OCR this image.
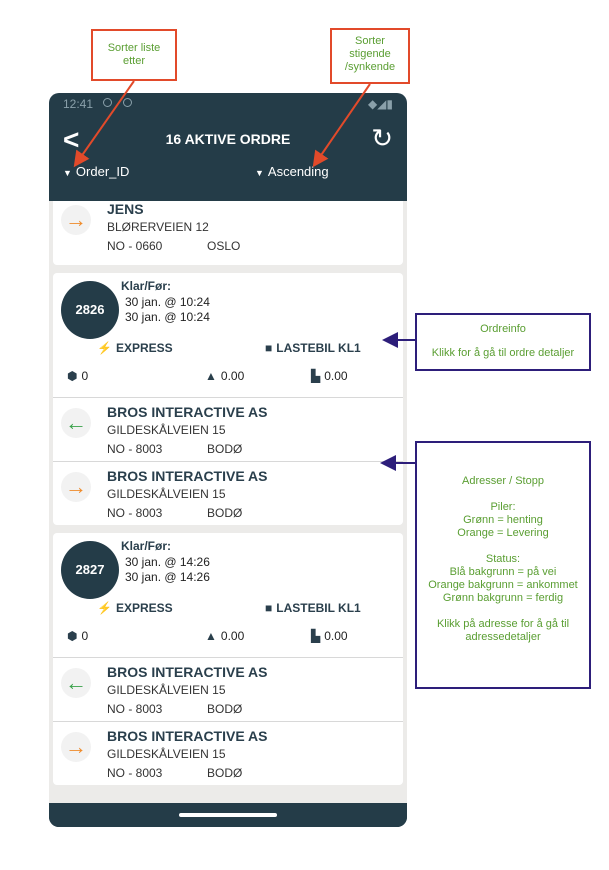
Sorter liste
etter
Sorter
stigende
/synkende
Ordreinfo
Klikk for å gå til ordre detaljer
Adresser / Stopp
Piler:
Grønn = henting
Orange = Levering
Status:
Blå bakgrunn = på vei
Orange bakgrunn = ankommet
Grønn bakgrunn = ferdig
Klikk på adresse for å gå til
adressedetaljer
12:41	◆◢▮
<	16 AKTIVE ORDRE	↻
▼ Order_ID	▼ Ascending
→ JENS
BLØRERVEIEN 12
NO - 0660	OSLO
2826
Klar/Før:
30 jan. @ 10:24
30 jan. @ 10:24
⚡ EXPRESS	■ LASTEBIL KL1
⬢ 0	▲ 0.00	▙ 0.00
← BROS INTERACTIVE AS
GILDESKÅLVEIEN 15
NO - 8003	BODØ
→ BROS INTERACTIVE AS
GILDESKÅLVEIEN 15
NO - 8003	BODØ
2827
Klar/Før:
30 jan. @ 14:26
30 jan. @ 14:26
⚡ EXPRESS	■ LASTEBIL KL1
⬢ 0	▲ 0.00	▙ 0.00
← BROS INTERACTIVE AS
GILDESKÅLVEIEN 15
NO - 8003	BODØ
→ BROS INTERACTIVE AS
GILDESKÅLVEIEN 15
NO - 8003	BODØ
